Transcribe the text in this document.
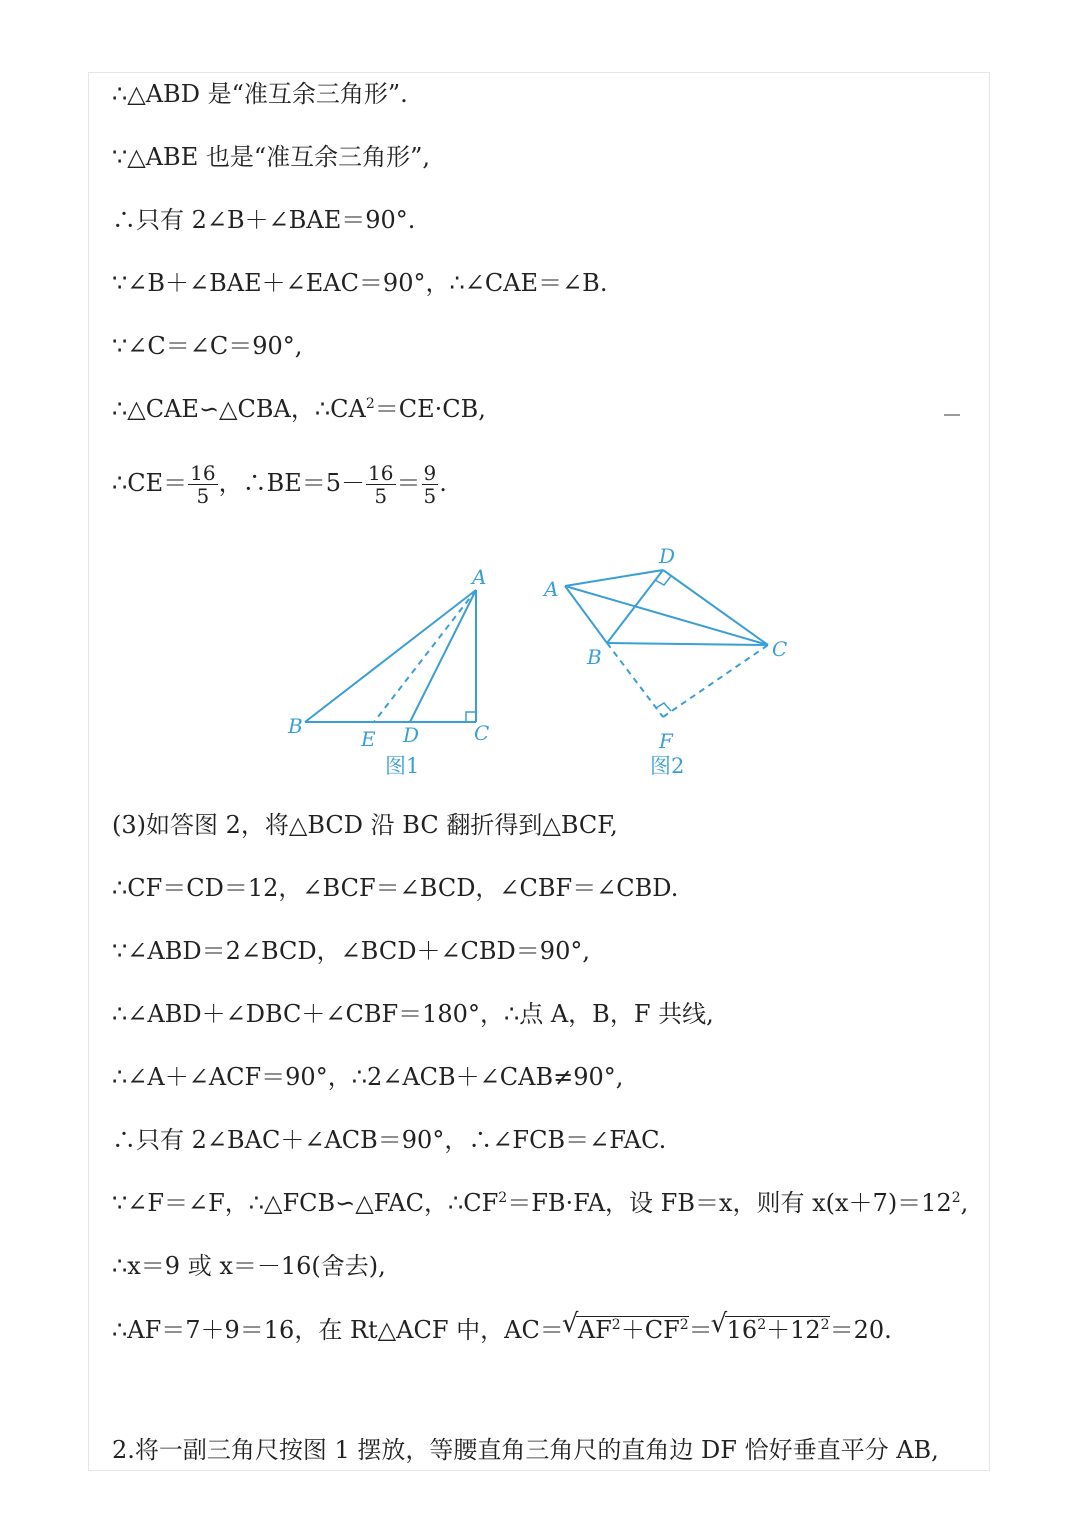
∴△ABD 是“准互余三角形”.
∵△ABE 也是“准互余三角形”,
∴只有 2∠B＋∠BAE＝90°.
∵∠B＋∠BAE＋∠EAC＝90°，∴∠CAE＝∠B.
∵∠C＝∠C＝90°,
∴△CAE∽△CBA，$\therefore CA^2=CE\cdot CB$,
∴CE＝ $\frac{16}{5}$ ，∴BE＝5－ $\frac{16}{5} = \frac{9}{5}$ .
A
B	C
D
E
图1
A
B	C
D
F
图2
(3)如答图 2，将△BCD 沿 BC 翻折得到△BCF,
∴CF＝CD＝12，∠BCF＝∠BCD，∠CBF＝∠CBD.
∵∠ABD＝2∠BCD，∠BCD＋∠CBD＝90°,
∴∠ABD＋∠DBC＋∠CBF＝180°，∴点 A，B，F 共线,
∴∠A＋∠ACF＝90°，∴2∠ACB＋∠CAB≠90°,
∴只有 2∠BAC＋∠ACB＝90°，∴∠FCB＝∠FAC.
∵∠F＝∠F，∴△FCB∽△FAC，$\therefore CF^2=FB\cdot FA$，设 FB＝x，则有 $x(x+7)=12^2$,
∴x＝9 或 x＝－16(舍去),
∴AF＝7＋9＝16，在 Rt△ACF 中，AC＝√ $AF^2+CF^2=√$ $16^2+12^2=20$.
2.将一副三角尺按图 1 摆放，等腰直角三角尺的直角边 DF 恰好垂直平分 AB,
